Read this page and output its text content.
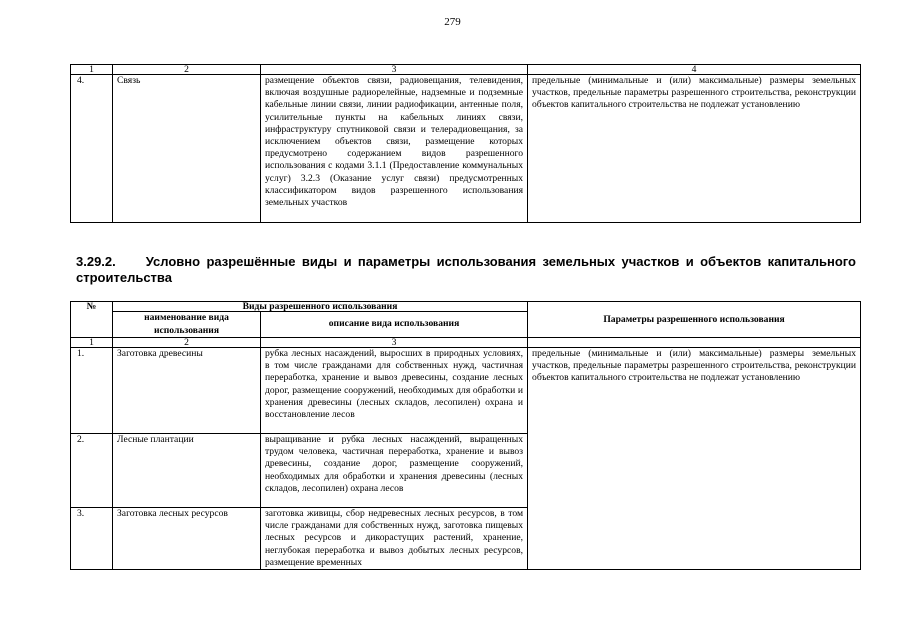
279
1	2	3	4
4.	Связь	размещение объектов связи, радиовещания, телевидения, включая воздушные радиорелейные, надземные и подземные кабельные линии связи, линии радиофикации, антенные поля, усилительные пункты на кабельных линиях связи, инфраструктуру спутниковой связи и телерадиовещания, за исключением объектов связи, размещение которых предусмотрено содержанием видов разрешенного использования с кодами 3.1.1 (Предоставление коммунальных услуг) 3.2.3 (Оказание услуг связи) предусмотренных классификатором видов разрешенного использования земельных участков	предельные (минимальные и (или) максимальные) размеры земельных участков, предельные параметры разрешенного строительства, реконструкции объектов капитального строительства не подлежат установлению
3.29.2. Условно разрешённые виды и параметры использования земельных участков и объектов капитального строительства
№	Виды разрешенного использования		Параметры разрешенного использования
	наименование вида использования	описание вида использования	
1	2	3	
1.	Заготовка древесины	рубка лесных насаждений, выросших в природных условиях, в том числе гражданами для собственных нужд, частичная переработка, хранение и вывоз древесины, создание лесных дорог, размещение сооружений, необходимых для обработки и хранения древесины (лесных складов, лесопилен) охрана и восстановление лесов	предельные (минимальные и (или) максимальные) размеры земельных участков, предельные параметры разрешенного строительства, реконструкции объектов капитального строительства не подлежат установлению
2.	Лесные плантации	выращивание и рубка лесных насаждений, выращенных трудом человека, частичная переработка, хранение и вывоз древесины, создание дорог, размещение сооружений, необходимых для обработки и хранения древесины (лесных складов, лесопилен) охрана лесов	
3.	Заготовка лесных ресурсов	заготовка живицы, сбор недревесных лесных ресурсов, в том числе гражданами для собственных нужд, заготовка пищевых лесных ресурсов и дикорастущих растений, хранение, неглубокая переработка и вывоз добытых лесных ресурсов, размещение временных	
